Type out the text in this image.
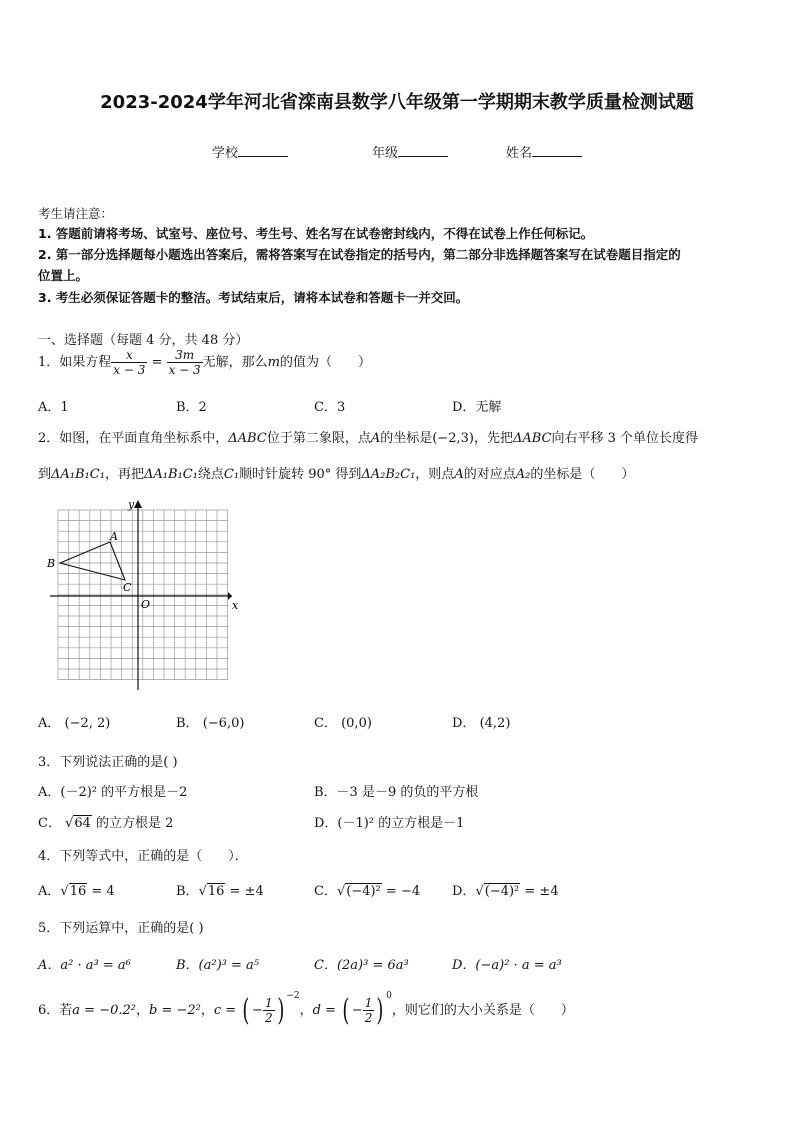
2023-2024学年河北省滦南县数学八年级第一学期期末教学质量检测试题
学校	年级	姓名
考生请注意：
1. 答题前请将考场、试室号、座位号、考生号、姓名写在试卷密封线内，不得在试卷上作任何标记。
2. 第一部分选择题每小题选出答案后，需将答案写在试卷指定的括号内，第二部分非选择题答案写在试卷题目指定的
位置上。
3. 考生必须保证答题卡的整洁。考试结束后，请将本试卷和答题卡一并交回。
一、选择题（每题 4 分，共 48 分）
1．如果方程 $\frac{x}{x - 3} = \frac{3m}{x - 3}$ 无解，那么m的值为（　　）
A．1	B．2	C．3	D．无解
2．如图，在平面直角坐标系中，ΔABC位于第二象限，点A的坐标是(−2,3)，先把ΔABC向右平移 3 个单位长度得
到ΔA₁B₁C₁，再把ΔA₁B₁C₁绕点C₁顺时针旋转 90° 得到ΔA₂B₂C₁，则点A的对应点A₂的坐标是（　　）
x
y
O
A
B
C
A． (−2, 2)	B． (−6,0)	C． (0,0)	D． (4,2)
3．下列说法正确的是( )
A．(－2)² 的平方根是－2	B．－3 是－9 的负的平方根
C． √64 的立方根是 2	D．(－1)² 的立方根是－1
4．下列等式中，正确的是（　　）．
A．√16 = 4	B．√16 = ±4	C．√(−4)² = −4 D．√(−4)² = ±4
5．下列运算中，正确的是( )
A．a² · a³ = a⁶	B．(a²)³ = a⁵	C．(2a)³ = 6a³	D．(−a)² · a = a³
6．若a = −0.2²，b = −2²，c = ( − $\frac{1}{2}$ ) $^{-2}$，d = ( − $\frac{1}{2}$ ) $^0$，则它们的大小关系是（　　）
